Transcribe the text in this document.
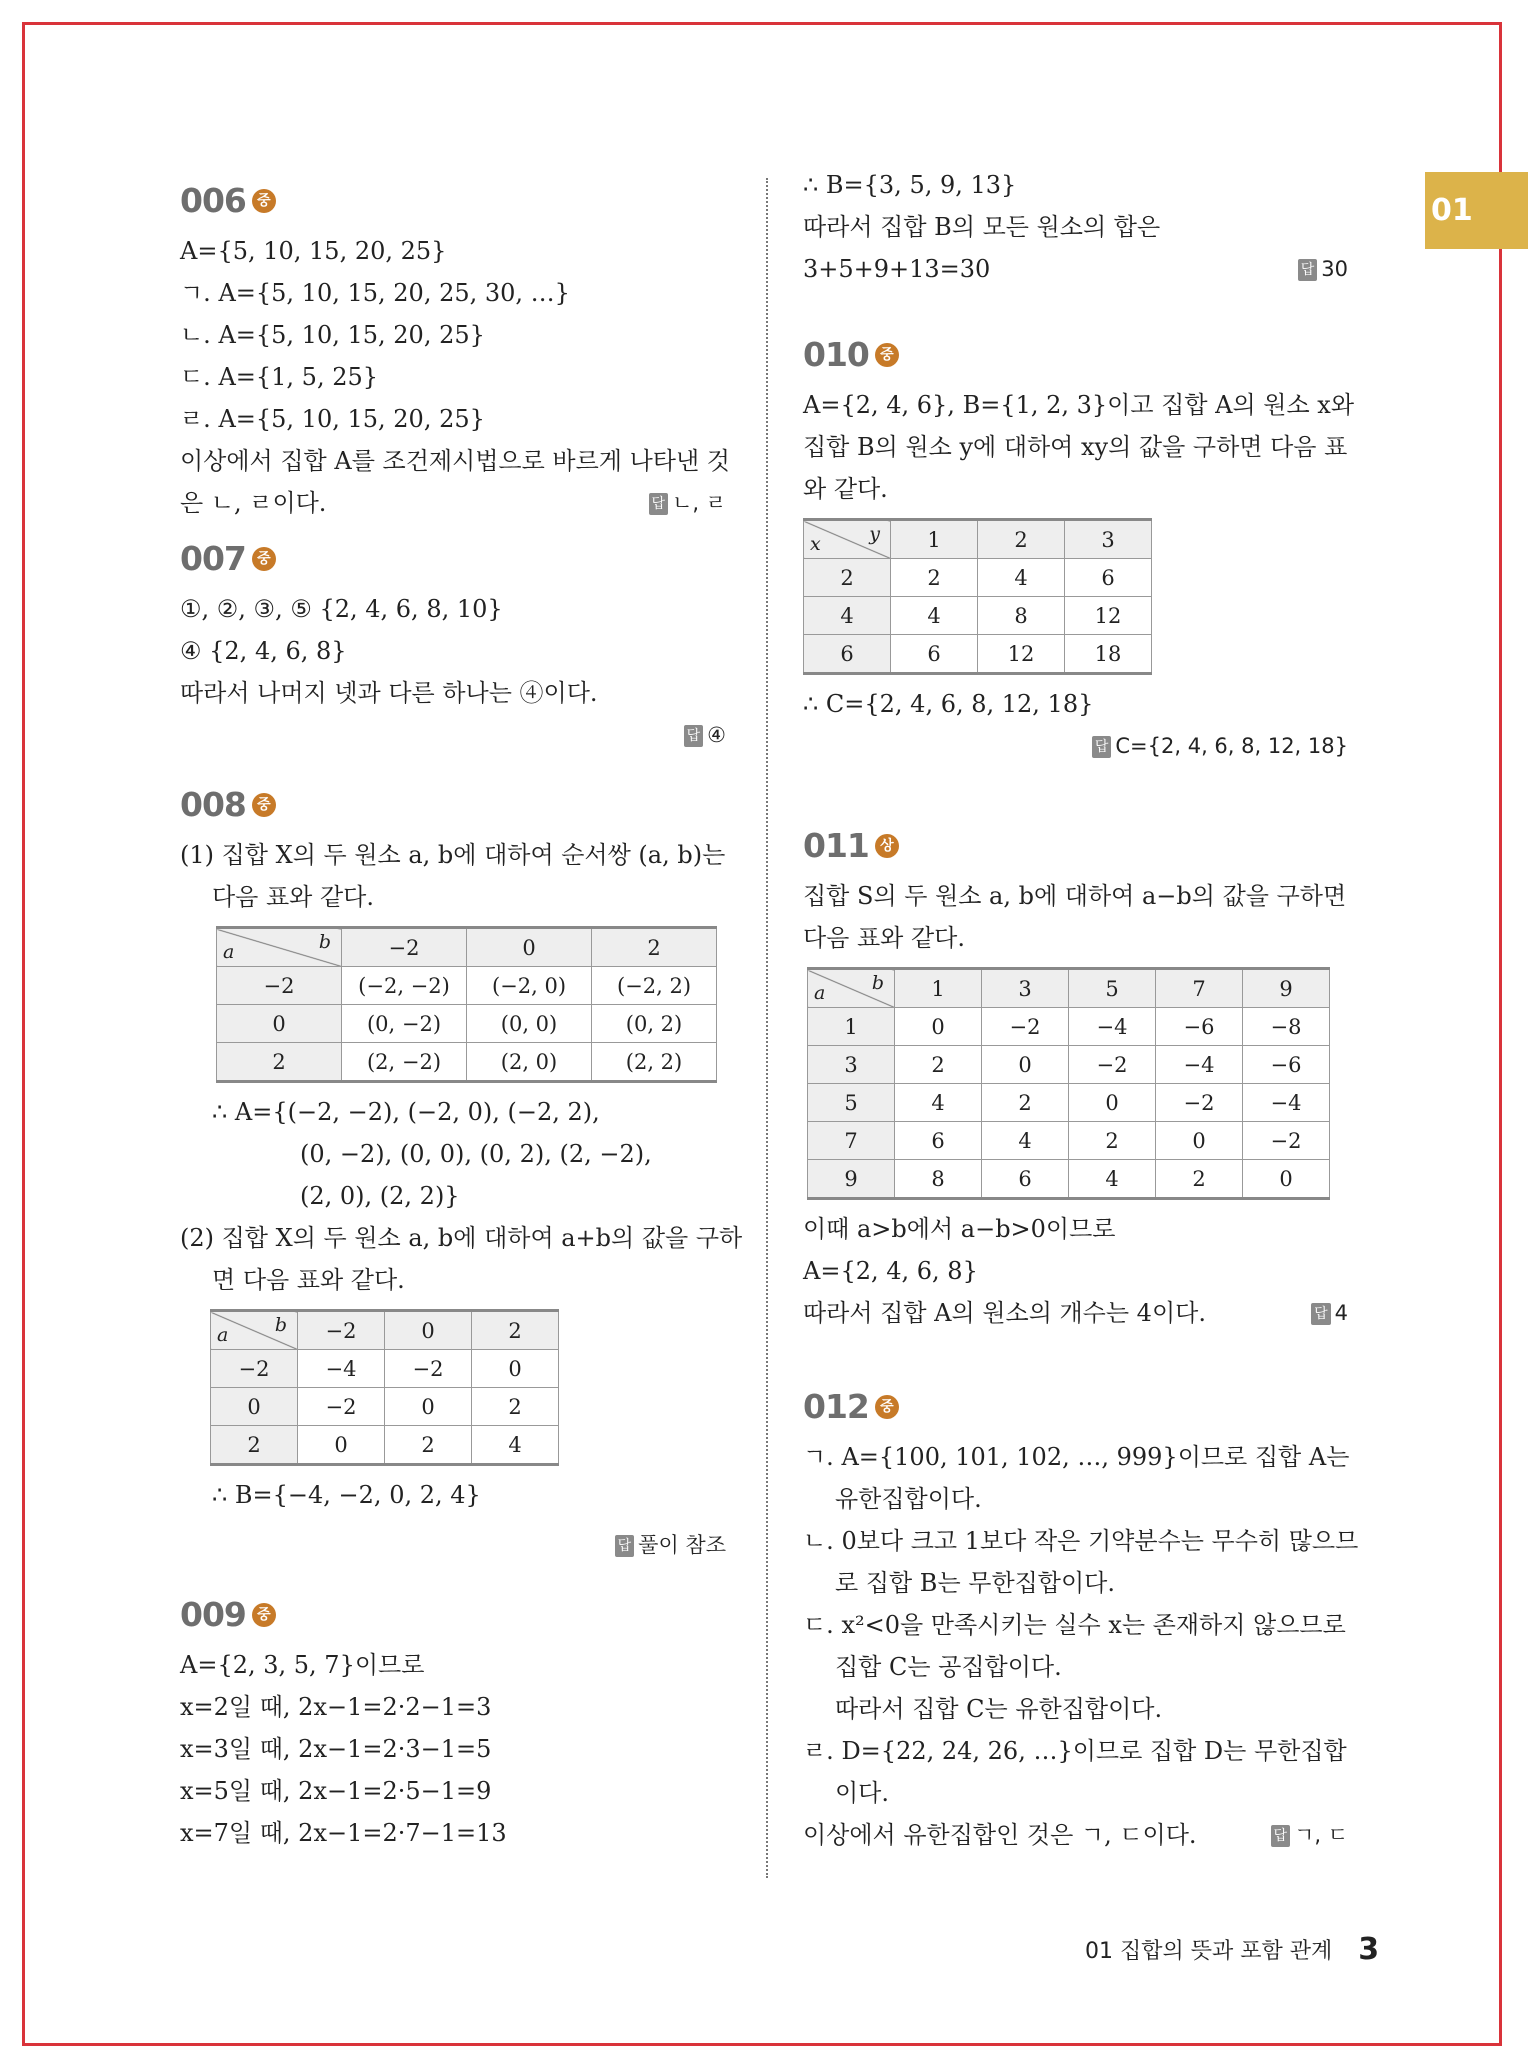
01
006 중
A={5, 10, 15, 20, 25}
ㄱ. A={5, 10, 15, 20, 25, 30, …}
ㄴ. A={5, 10, 15, 20, 25}
ㄷ. A={1, 5, 25}
ㄹ. A={5, 10, 15, 20, 25}
이상에서 집합 A를 조건제시법으로 바르게 나타낸 것
은 ㄴ, ㄹ이다.	답 ㄴ, ㄹ
007 중
①, ②, ③, ⑤ {2, 4, 6, 8, 10}
④ {2, 4, 6, 8}
따라서 나머지 넷과 다른 하나는 ④이다.
답 ④
008 중
(1) 집합 X의 두 원소 a, b에 대하여 순서쌍 (a, b)는
다음 표와 같다.
a b	−2	0	2
−2	(−2, −2)	(−2, 0)	(−2, 2)
0	(0, −2)	(0, 0)	(0, 2)
2	(2, −2)	(2, 0)	(2, 2)
∴ A={(−2, −2), (−2, 0), (−2, 2),
(0, −2), (0, 0), (0, 2), (2, −2),
(2, 0), (2, 2)}
(2) 집합 X의 두 원소 a, b에 대하여 a+b의 값을 구하
면 다음 표와 같다.
a b	−2	0	2
−2	−4	−2	0
0	−2	0	2
2	0	2	4
∴ B={−4, −2, 0, 2, 4}
답 풀이 참조
009 중
A={2, 3, 5, 7}이므로
x=2일 때, 2x−1=2·2−1=3
x=3일 때, 2x−1=2·3−1=5
x=5일 때, 2x−1=2·5−1=9
x=7일 때, 2x−1=2·7−1=13
∴ B={3, 5, 9, 13}
따라서 집합 B의 모든 원소의 합은
3+5+9+13=30	답 30
010 중
A={2, 4, 6}, B={1, 2, 3}이고 집합 A의 원소 x와
집합 B의 원소 y에 대하여 xy의 값을 구하면 다음 표
와 같다.
x y	1	2	3
2	2	4	6
4	4	8	12
6	6	12	18
∴ C={2, 4, 6, 8, 12, 18}
답 C={2, 4, 6, 8, 12, 18}
011 상
집합 S의 두 원소 a, b에 대하여 a−b의 값을 구하면
다음 표와 같다.
a b	1	3	5	7	9
1	0	−2	−4	−6	−8
3	2	0	−2	−4	−6
5	4	2	0	−2	−4
7	6	4	2	0	−2
9	8	6	4	2	0
이때 a>b에서 a−b>0이므로
A={2, 4, 6, 8}
따라서 집합 A의 원소의 개수는 4이다.	답 4
012 중
ㄱ. A={100, 101, 102, …, 999}이므로 집합 A는
유한집합이다.
ㄴ. 0보다 크고 1보다 작은 기약분수는 무수히 많으므
로 집합 B는 무한집합이다.
ㄷ. x²<0을 만족시키는 실수 x는 존재하지 않으므로
집합 C는 공집합이다.
따라서 집합 C는 유한집합이다.
ㄹ. D={22, 24, 26, …}이므로 집합 D는 무한집합
이다.
이상에서 유한집합인 것은 ㄱ, ㄷ이다.	답 ㄱ, ㄷ
01 집합의 뜻과 포함 관계 3
